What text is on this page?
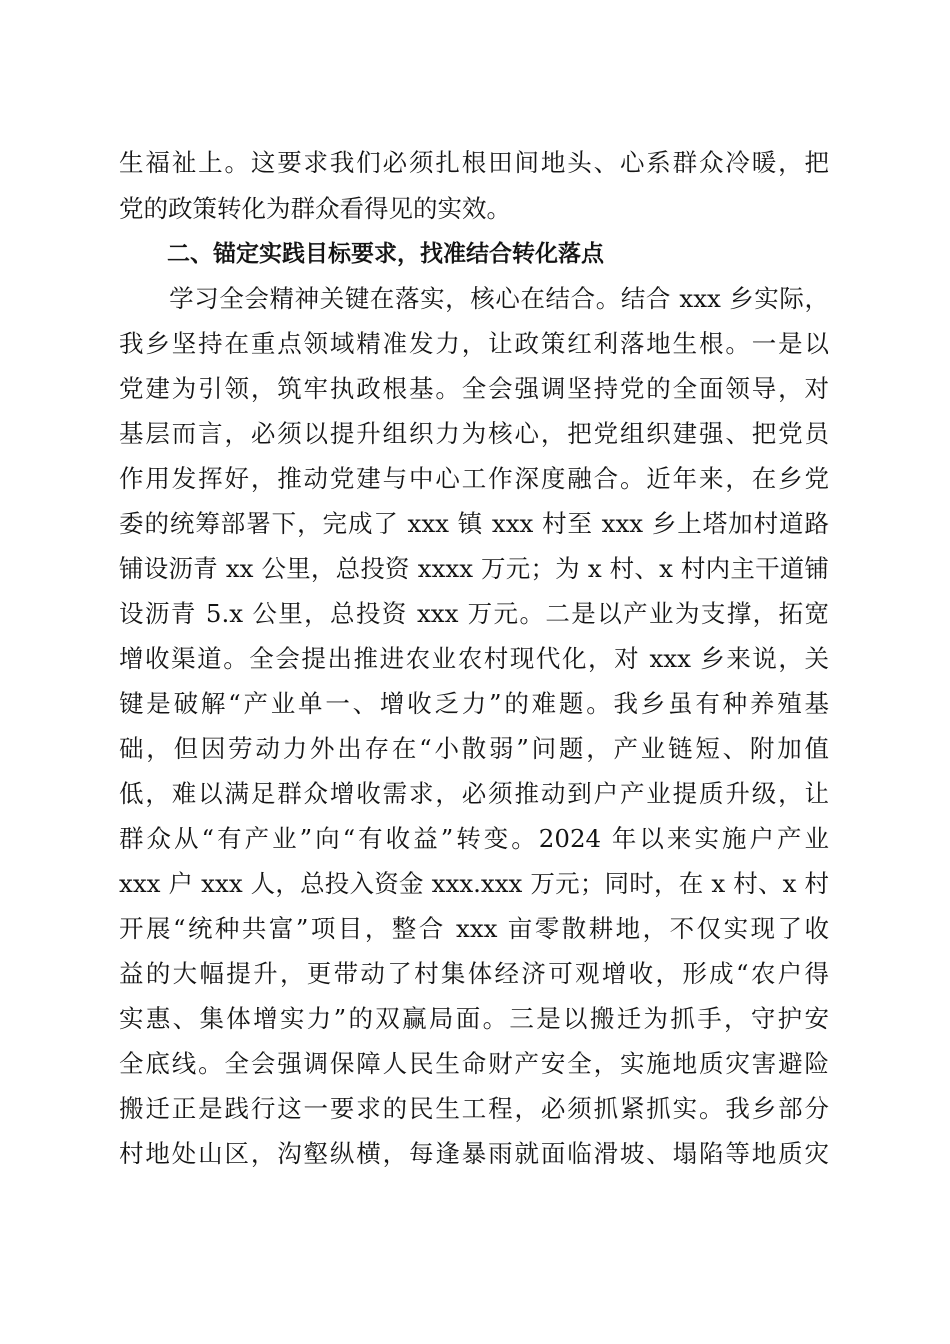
生福祉上。这要求我们必须扎根田间地头、心系群众冷暖，把
党的政策转化为群众看得见的实效。
二、锚定实践目标要求，找准结合转化落点
　　学习全会精神关键在落实，核心在结合。结合 xxx 乡实际，
我乡坚持在重点领域精准发力，让政策红利落地生根。一是以
党建为引领，筑牢执政根基。全会强调坚持党的全面领导，对
基层而言，必须以提升组织力为核心，把党组织建强、把党员
作用发挥好，推动党建与中心工作深度融合。近年来，在乡党
委的统筹部署下，完成了 xxx 镇 xxx 村至 xxx 乡上塔加村道路
铺设沥青 xx 公里，总投资 xxxx 万元；为 x 村、x 村内主干道铺
设沥青 5.x 公里，总投资 xxx 万元。二是以产业为支撑，拓宽
增收渠道。全会提出推进农业农村现代化，对 xxx 乡来说，关
键是破解“产业单一、增收乏力”的难题。我乡虽有种养殖基
础，但因劳动力外出存在“小散弱”问题，产业链短、附加值
低，难以满足群众增收需求，必须推动到户产业提质升级，让
群众从“有产业”向“有收益”转变。2024 年以来实施户产业
xxx 户 xxx 人，总投入资金 xxx.xxx 万元；同时，在 x 村、x 村
开展“统种共富”项目，整合 xxx 亩零散耕地，不仅实现了收
益的大幅提升，更带动了村集体经济可观增收，形成“农户得
实惠、集体增实力”的双赢局面。三是以搬迁为抓手，守护安
全底线。全会强调保障人民生命财产安全，实施地质灾害避险
搬迁正是践行这一要求的民生工程，必须抓紧抓实。我乡部分
村地处山区，沟壑纵横，每逢暴雨就面临滑坡、塌陷等地质灾
